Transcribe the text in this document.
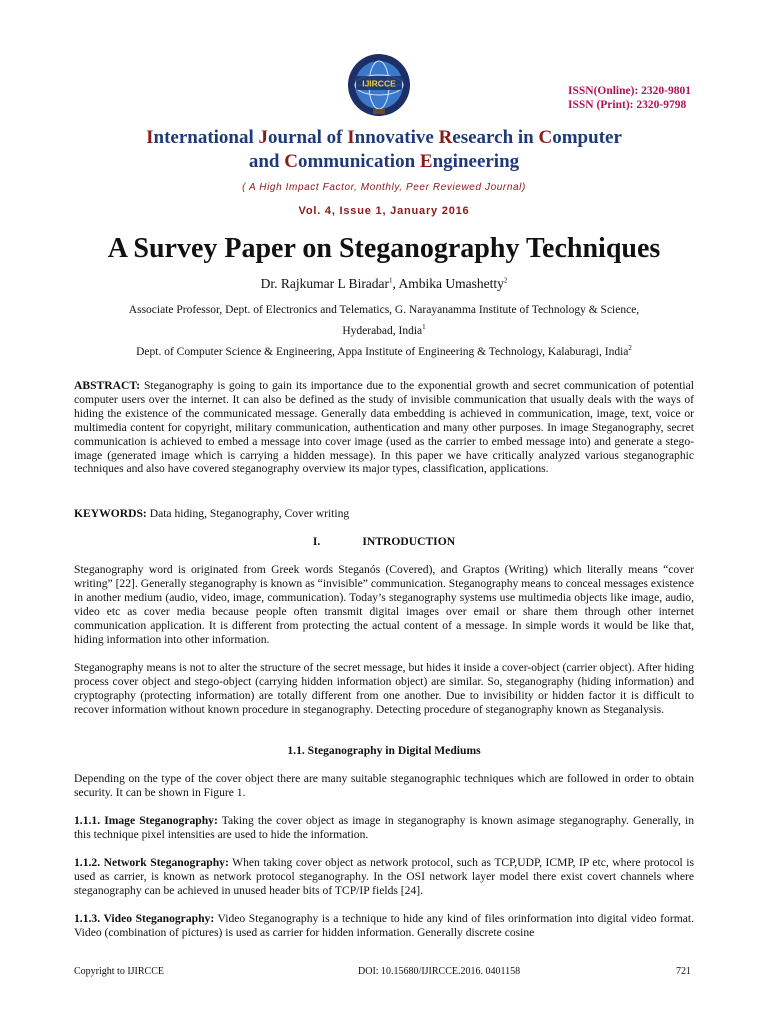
IJIRCCE
ISSN(Online): 2320-9801
ISSN (Print): 2320-9798
International Journal of Innovative Research in Computer
and Communication Engineering
( A High Impact Factor, Monthly, Peer Reviewed Journal)
Vol. 4, Issue 1, January 2016
A Survey Paper on Steganography Techniques
Dr. Rajkumar L Biradar$^1$, Ambika Umashetty$^2$
Associate Professor, Dept. of Electronics and Telematics, G. Narayanamma Institute of Technology & Science,
Hyderabad, India$^1$
Dept. of Computer Science & Engineering, Appa Institute of Engineering & Technology, Kalaburagi, India$^2$
ABSTRACT: Steganography is going to gain its importance due to the exponential growth and secret communication of potential computer users over the internet. It can also be defined as the study of invisible communication that usually deals with the ways of hiding the existence of the communicated message. Generally data embedding is achieved in communication, image, text, voice or multimedia content for copyright, military communication, authentication and many other purposes. In image Steganography, secret communication is achieved to embed a message into cover image (used as the carrier to embed message into) and generate a stego-image (generated image which is carrying a hidden message). In this paper we have critically analyzed various steganographic techniques and also have covered steganography overview its major types, classification, applications.
KEYWORDS: Data hiding, Steganography, Cover writing
I.	INTRODUCTION
Steganography word is originated from Greek words Steganós (Covered), and Graptos (Writing) which literally means “cover writing” [22]. Generally steganography is known as “invisible” communication. Steganography means to conceal messages existence in another medium (audio, video, image, communication). Today’s steganography systems use multimedia objects like image, audio, video etc as cover media because people often transmit digital images over email or share them through other internet communication application. It is different from protecting the actual content of a message. In simple words it would be like that, hiding information into other information.
Steganography means is not to alter the structure of the secret message, but hides it inside a cover-object (carrier object). After hiding process cover object and stego-object (carrying hidden information object) are similar. So, steganography (hiding information) and cryptography (protecting information) are totally different from one another. Due to invisibility or hidden factor it is difficult to recover information without known procedure in steganography. Detecting procedure of steganography known as Steganalysis.
1.1. Steganography in Digital Mediums
Depending on the type of the cover object there are many suitable steganographic techniques which are followed in order to obtain security. It can be shown in Figure 1.
1.1.1. Image Steganography: Taking the cover object as image in steganography is known asimage steganography. Generally, in this technique pixel intensities are used to hide the information.
1.1.2. Network Steganography: When taking cover object as network protocol, such as TCP,UDP, ICMP, IP etc, where protocol is used as carrier, is known as network protocol steganography. In the OSI network layer model there exist covert channels where steganography can be achieved in unused header bits of TCP/IP fields [24].
1.1.3. Video Steganography: Video Steganography is a technique to hide any kind of files orinformation into digital video format. Video (combination of pictures) is used as carrier for hidden information. Generally discrete cosine
Copyright to IJIRCCE	DOI: 10.15680/IJIRCCE.2016. 0401158	721
